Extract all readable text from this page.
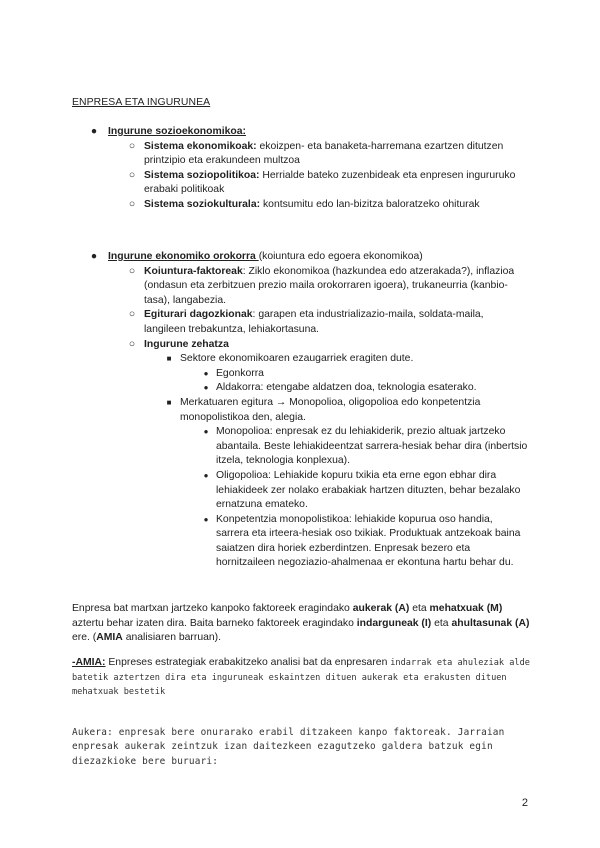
ENPRESA ETA INGURUNEA
● Ingurune sozioekonomikoa:
○ Sistema ekonomikoak: ekoizpen- eta banaketa-harremana ezartzen ditutzen printzipio eta erakundeen multzoa
○ Sistema soziopolitikoa: Herrialde bateko zuzenbideak eta enpresen ingururuko erabaki politikoak
○ Sistema soziokulturala: kontsumitu edo lan-bizitza baloratzeko ohiturak
● Ingurune ekonomiko orokorra (koiuntura edo egoera ekonomikoa)
○ Koiuntura-faktoreak: Ziklo ekonomikoa (hazkundea edo atzerakada?), inflazioa (ondasun eta zerbitzuen prezio maila orokorraren igoera), trukaneurria (kanbio-tasa), langabezia.
○ Egiturari dagozkionak: garapen eta industrializazio-maila, soldata-maila, langileen trebakuntza, lehiakortasuna.
○ Ingurune zehatza
■ Sektore ekonomikoaren ezaugarriek eragiten dute.
● Egonkorra
● Aldakorra: etengabe aldatzen doa, teknologia esaterako.
■ Merkatuaren egitura → Monopolioa, oligopolioa edo konpetentzia monopolistikoa den, alegia.
● Monopolioa: enpresak ez du lehiakiderik, prezio altuak jartzeko abantaila. Beste lehiakideentzat sarrera-hesiak behar dira (inbertsio itzela, teknologia konplexua).
● Oligopolioa: Lehiakide kopuru txikia eta erne egon ebhar dira lehiakideek zer nolako erabakiak hartzen dituzten, behar bezalako ernatzuna emateko.
● Konpetentzia monopolistikoa: lehiakide kopurua oso handia, sarrera eta irteera-hesiak oso txikiak. Produktuak antzekoak baina saiatzen dira horiek ezberdintzen. Enpresak bezero eta hornitzaileen negoziazio-ahalmenaa er ekontuna hartu behar du.
Enpresa bat martxan jartzeko kanpoko faktoreek eragindako aukerak (A) eta mehatxuak (M) aztertu behar izaten dira. Baita barneko faktoreek eragindako indarguneak (I) eta ahultasunak (A) ere. (AMIA analisiaren barruan).
-AMIA: Enpreses estrategiak erabakitzeko analisi bat da enpresaren indarrak eta ahuleziak alde batetik aztertzen dira eta inguruneak eskaintzen dituen aukerak eta erakusten dituen mehatxuak bestetik
Aukera: enpresak bere onurarako erabil ditzakeen kanpo faktoreak. Jarraian enpresak aukerak zeintzuk izan daitezkeen ezagutzeko galdera batzuk egin diezazkioke bere buruari:
2
